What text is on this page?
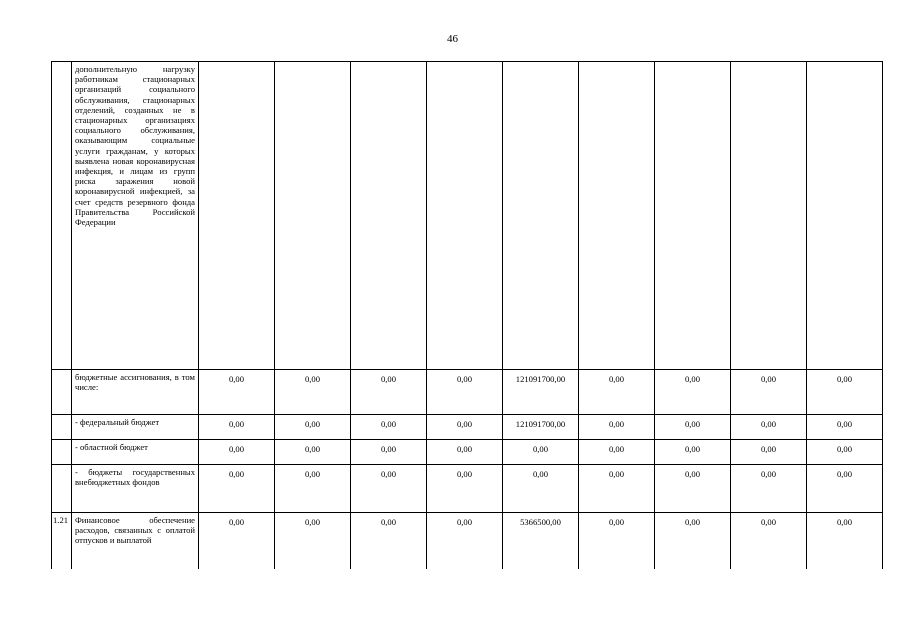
46
	дополнительную нагрузку работникам стационарных организаций социального обслуживания, стационарных отделений, созданных не в стационарных организациях социального обслуживания, оказывающим социальные услуги гражданам, у которых выявлена новая коронавирусная инфекция, и лицам из групп риска заражения новой коронавирусной инфекцией, за счет средств резервного фонда Правительства Российской Федерации									
	бюджетные ассигнования, в том числе:	0,00	0,00	0,00	0,00	121091700,00	0,00	0,00	0,00	0,00
	- федеральный бюджет	0,00	0,00	0,00	0,00	121091700,00	0,00	0,00	0,00	0,00
	- областной бюджет	0,00	0,00	0,00	0,00	0,00	0,00	0,00	0,00	0,00
	- бюджеты государственных внебюджетных фондов	0,00	0,00	0,00	0,00	0,00	0,00	0,00	0,00	0,00
1.21	Финансовое обеспечение расходов, связанных с оплатой отпусков и выплатой	0,00	0,00	0,00	0,00	5366500,00	0,00	0,00	0,00	0,00
